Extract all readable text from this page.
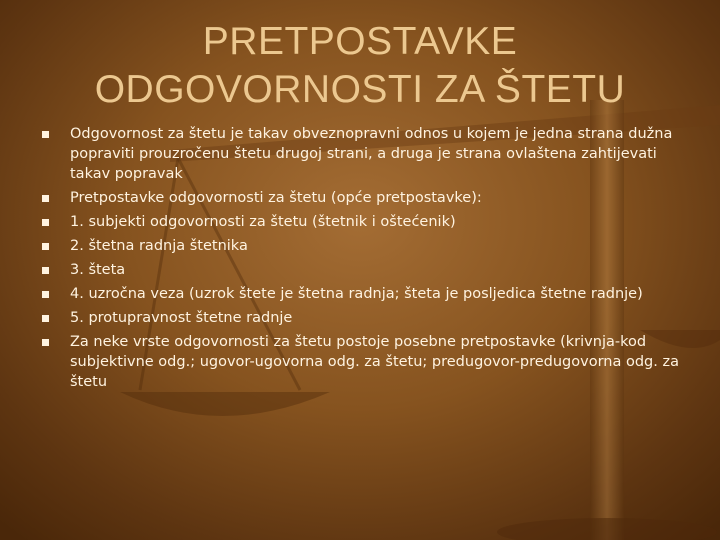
PRETPOSTAVKE
ODGOVORNOSTI ZA ŠTETU
Odgovornost za štetu je takav obveznopravni odnos u kojem je jedna strana dužna popraviti prouzročenu štetu drugoj strani, a druga je strana ovlaštena zahtijevati takav popravak
Pretpostavke odgovornosti za štetu (opće pretpostavke):
1. subjekti odgovornosti za štetu (štetnik i oštećenik)
2. štetna radnja štetnika
3. šteta
4. uzročna veza (uzrok štete je štetna radnja; šteta je posljedica štetne radnje)
5. protupravnost štetne radnje
Za neke vrste odgovornosti za štetu postoje posebne pretpostavke (krivnja-kod subjektivne odg.; ugovor-ugovorna odg. za štetu; predugovor-predugovorna odg. za štetu
